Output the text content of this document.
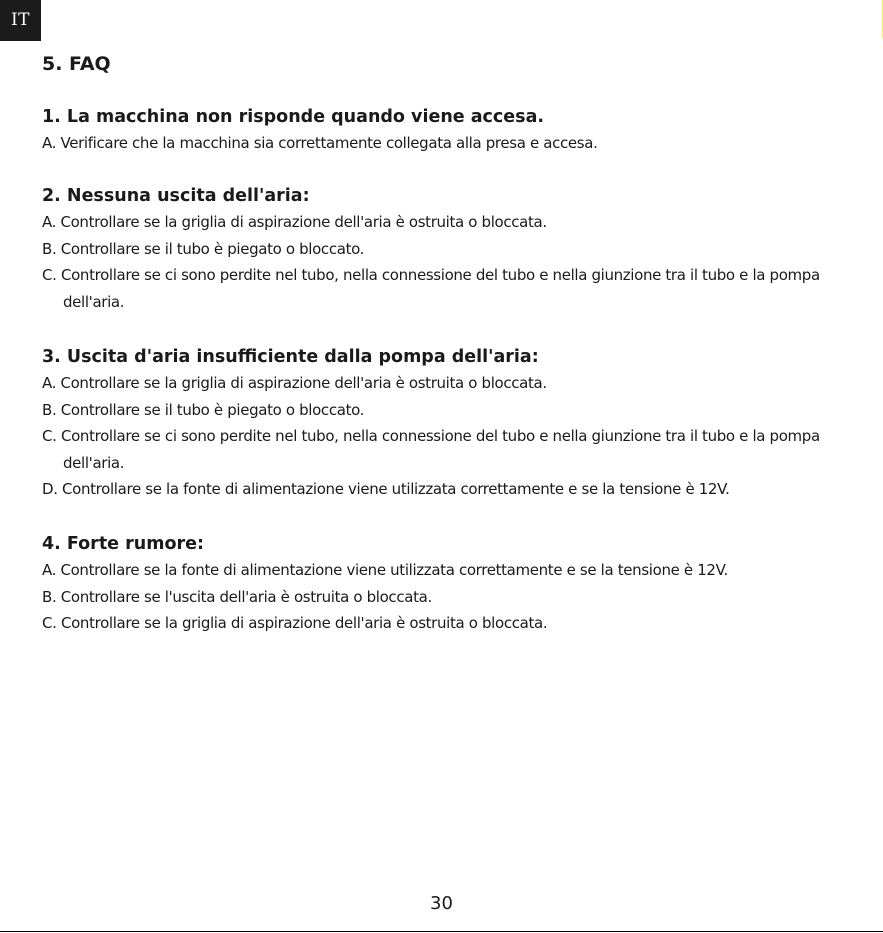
IT
5. FAQ
1. La macchina non risponde quando viene accesa.
A. Verificare che la macchina sia correttamente collegata alla presa e accesa.
2. Nessuna uscita dell'aria:
A. Controllare se la griglia di aspirazione dell'aria è ostruita o bloccata.
B. Controllare se il tubo è piegato o bloccato.
C. Controllare se ci sono perdite nel tubo, nella connessione del tubo e nella giunzione tra il tubo e la pompa dell'aria.
3. Uscita d'aria insufficiente dalla pompa dell'aria:
A. Controllare se la griglia di aspirazione dell'aria è ostruita o bloccata.
B. Controllare se il tubo è piegato o bloccato.
C. Controllare se ci sono perdite nel tubo, nella connessione del tubo e nella giunzione tra il tubo e la pompa dell'aria.
D. Controllare se la fonte di alimentazione viene utilizzata correttamente e se la tensione è 12V.
4. Forte rumore:
A. Controllare se la fonte di alimentazione viene utilizzata correttamente e se la tensione è 12V.
B. Controllare se l'uscita dell'aria è ostruita o bloccata.
C. Controllare se la griglia di aspirazione dell'aria è ostruita o bloccata.
30
